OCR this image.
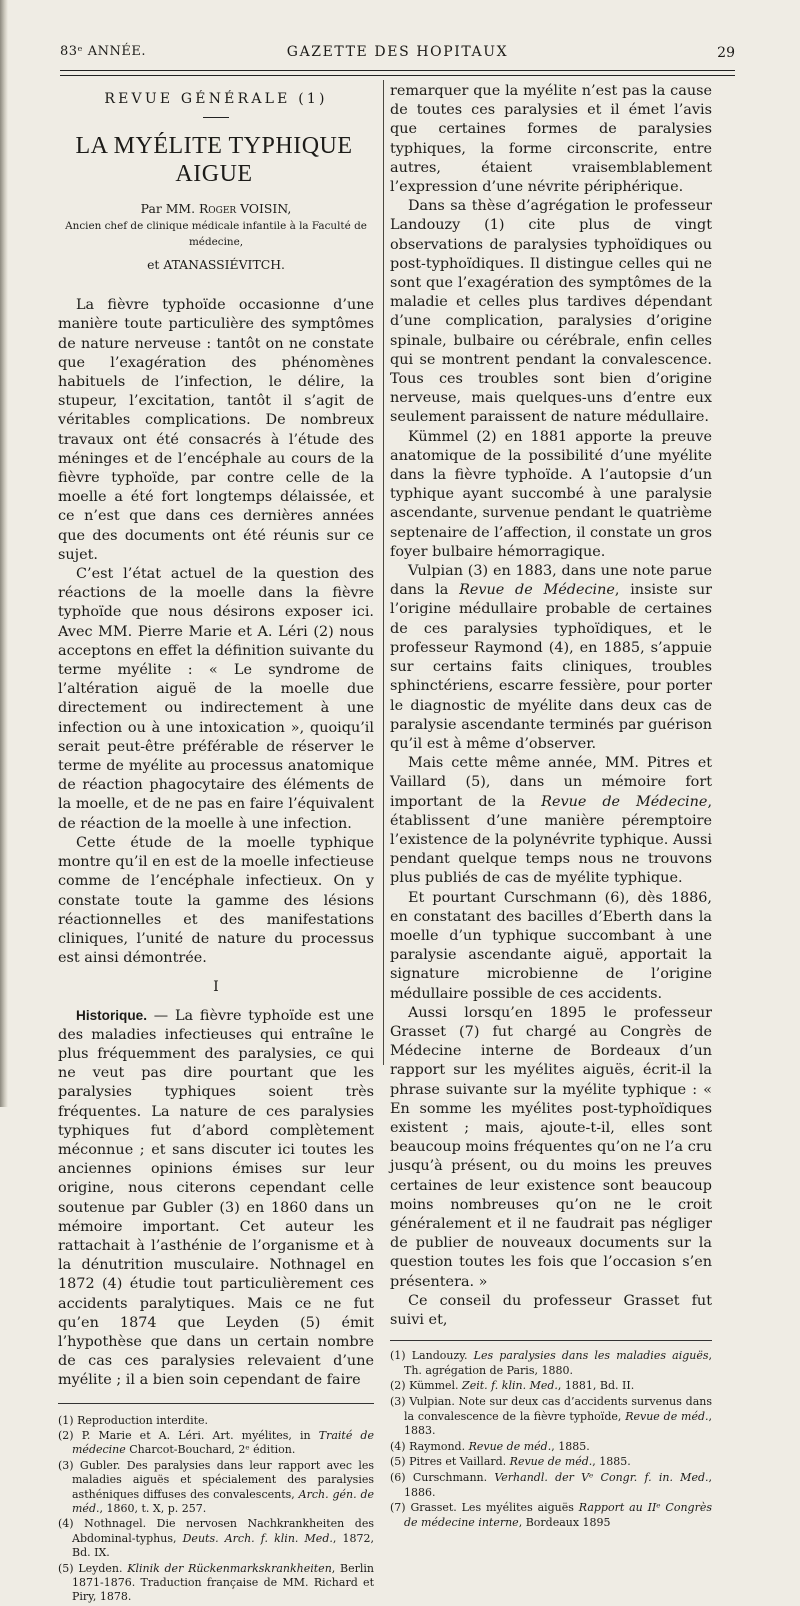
83ᵉ ANNÉE.	GAZETTE DES HOPITAUX	29
REVUE GÉNÉRALE (1)
LA MYÉLITE TYPHIQUE AIGUE
Par MM. Roger VOISIN,
Ancien chef de clinique médicale infantile à la Faculté de médecine,
et ATANASSIÉVITCH.

La fièvre typhoïde occasionne d’une manière toute particulière des symptômes de nature nerveuse : tantôt on ne constate que l’exagération des phénomènes habituels de l’infection, le délire, la stupeur, l’excitation, tantôt il s’agit de véritables complications. De nombreux travaux ont été consacrés à l’étude des méninges et de l’encéphale au cours de la fièvre typhoïde, par contre celle de la moelle a été fort longtemps délaissée, et ce n’est que dans ces dernières années que des documents ont été réunis sur ce sujet.

C’est l’état actuel de la question des réactions de la moelle dans la fièvre typhoïde que nous désirons exposer ici. Avec MM. Pierre Marie et A. Léri (2) nous acceptons en effet la définition suivante du terme myélite : « Le syndrome de l’altération aiguë de la moelle due directement ou indirectement à une infection ou à une intoxication », quoiqu’il serait peut-être préférable de réserver le terme de myélite au processus anatomique de réaction phagocytaire des éléments de la moelle, et de ne pas en faire l’équivalent de réaction de la moelle à une infection.

Cette étude de la moelle typhique montre qu’il en est de la moelle infectieuse comme de l’encéphale infectieux. On y constate toute la gamme des lésions réactionnelles et des manifestations cliniques, l’unité de nature du processus est ainsi démontrée.

I

Historique. — La fièvre typhoïde est une des maladies infectieuses qui entraîne le plus fréquemment des paralysies, ce qui ne veut pas dire pourtant que les paralysies typhiques soient très fréquentes. La nature de ces paralysies typhiques fut d’abord complètement méconnue ; et sans discuter ici toutes les anciennes opinions émises sur leur origine, nous citerons cependant celle soutenue par Gubler (3) en 1860 dans un mémoire important. Cet auteur les rattachait à l’asthénie de l’organisme et à la dénutrition musculaire. Nothnagel en 1872 (4) étudie tout particulièrement ces accidents paralytiques. Mais ce ne fut qu’en 1874 que Leyden (5) émit l’hypothèse que dans un certain nombre de cas ces paralysies relevaient d’une myélite ; il a bien soin cependant de faire

(1) Reproduction interdite.
(2) P. Marie et A. Léri. Art. myélites, in Traité de médecine Charcot-Bouchard, 2ᵉ édition.
(3) Gubler. Des paralysies dans leur rapport avec les maladies aiguës et spécialement des paralysies asthéniques diffuses des convalescents, Arch. gén. de méd., 1860, t. X, p. 257.
(4) Nothnagel. Die nervosen Nachkrankheiten des Abdominal-typhus, Deuts. Arch. f. klin. Med., 1872, Bd. IX.
(5) Leyden. Klinik der Rückenmarkskrankheiten, Berlin 1871-1876. Traduction française de MM. Richard et Piry, 1878.

remarquer que la myélite n’est pas la cause de toutes ces paralysies et il émet l’avis que certaines formes de paralysies typhiques, la forme circonscrite, entre autres, étaient vraisemblablement l’expression d’une névrite périphérique.

Dans sa thèse d’agrégation le professeur Landouzy (1) cite plus de vingt observations de paralysies typhoïdiques ou post-typhoïdiques. Il distingue celles qui ne sont que l’exagération des symptômes de la maladie et celles plus tardives dépendant d’une complication, paralysies d’origine spinale, bulbaire ou cérébrale, enfin celles qui se montrent pendant la convalescence. Tous ces troubles sont bien d’origine nerveuse, mais quelques-uns d’entre eux seulement paraissent de nature médullaire.

Kümmel (2) en 1881 apporte la preuve anatomique de la possibilité d’une myélite dans la fièvre typhoïde. A l’autopsie d’un typhique ayant succombé à une paralysie ascendante, survenue pendant le quatrième septenaire de l’affection, il constate un gros foyer bulbaire hémorragique.

Vulpian (3) en 1883, dans une note parue dans la Revue de Médecine, insiste sur l’origine médullaire probable de certaines de ces paralysies typhoïdiques, et le professeur Raymond (4), en 1885, s’appuie sur certains faits cliniques, troubles sphinctériens, escarre fessière, pour porter le diagnostic de myélite dans deux cas de paralysie ascendante terminés par guérison qu’il est à même d’observer.

Mais cette même année, MM. Pitres et Vaillard (5), dans un mémoire fort important de la Revue de Médecine, établissent d’une manière péremptoire l’existence de la polynévrite typhique. Aussi pendant quelque temps nous ne trouvons plus publiés de cas de myélite typhique.

Et pourtant Curschmann (6), dès 1886, en constatant des bacilles d’Eberth dans la moelle d’un typhique succombant à une paralysie ascendante aiguë, apportait la signature microbienne de l’origine médullaire possible de ces accidents.

Aussi lorsqu’en 1895 le professeur Grasset (7) fut chargé au Congrès de Médecine interne de Bordeaux d’un rapport sur les myélites aiguës, écrit-il la phrase suivante sur la myélite typhique : « En somme les myélites post-typhoïdiques existent ; mais, ajoute-t-il, elles sont beaucoup moins fréquentes qu’on ne l’a cru jusqu’à présent, ou du moins les preuves certaines de leur existence sont beaucoup moins nombreuses qu’on ne le croit généralement et il ne faudrait pas négliger de publier de nouveaux documents sur la question toutes les fois que l’occasion s’en présentera. »

Ce conseil du professeur Grasset fut suivi et,

(1) Landouzy. Les paralysies dans les maladies aiguës, Th. agrégation de Paris, 1880.
(2) Kümmel. Zeit. f. klin. Med., 1881, Bd. II.
(3) Vulpian. Note sur deux cas d’accidents survenus dans la convalescence de la fièvre typhoïde, Revue de méd., 1883.
(4) Raymond. Revue de méd., 1885.
(5) Pitres et Vaillard. Revue de méd., 1885.
(6) Curschmann. Verhandl. der Vᵉ Congr. f. in. Med., 1886.
(7) Grasset. Les myélites aiguës Rapport au IIᵉ Congrès de médecine interne, Bordeaux 1895
